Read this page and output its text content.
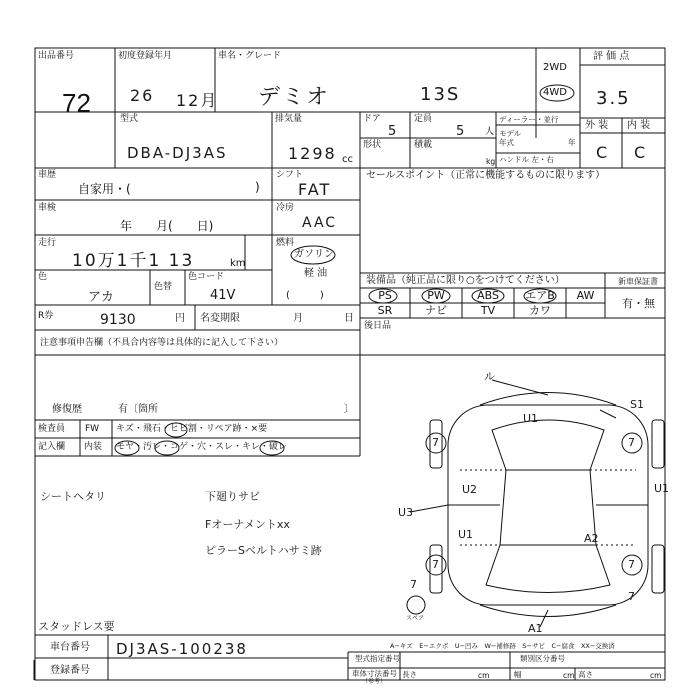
出品番号
72
初度登録年月
26 12月
車名・グレード
デミオ	13S
2WD
4WD
評 価 点
3.5
型式
DBA-DJ3AS
排気量
1298 cc
ドア
5
定員
5 人
形状	積載
kg
ディーラー・並行
モデル
年式	年
ハンドル 左・右
外 装 内 装
C C
車歴
自家用・(	)
シフト
FAT
セールスポイント（正常に機能するものに限ります）
車検
年　　月(　　日)
冷房
AAC
走行
10万1千1 13	km
燃料
ガソリン
軽 油
(　　　)
色
アカ
色替
色コード
41V
装備品（純正品に限り○をつけてください）	新車保証書
有・無
PS	PW	ABS	エアB	AW
SR	ナビ	TV	カワ
後日品
R券	9130	円 名変期限	月	日
注意事項申告欄（不具合内容等は具体的に記入して下さい）
修復歴	有〔箇所	〕
検査員
記入欄
FW キズ・飛石・ヒビ割・リペア跡・×要
内装 モヤ・汚レ・コゲ・穴・スレ・キレ・破レ
シートヘタリ	下廻りサビ
Fオーナメントxx
ピラーSベルトハサミ跡
スタッドレス要
ル
U1
S1
7	7
U2
U1	A2
7	7
U3
U1
7
7
A1
スペア
A−キズ　E−エクボ　U−凹み　W−補修跡　S−サビ　C−腐食　XX−交換済
車台番号 DJ3AS-100238
登録番号
型式指定番号	類別区分番号
車体寸法番号
（参考）
長さ	cm	幅	cm 高さ	cm
